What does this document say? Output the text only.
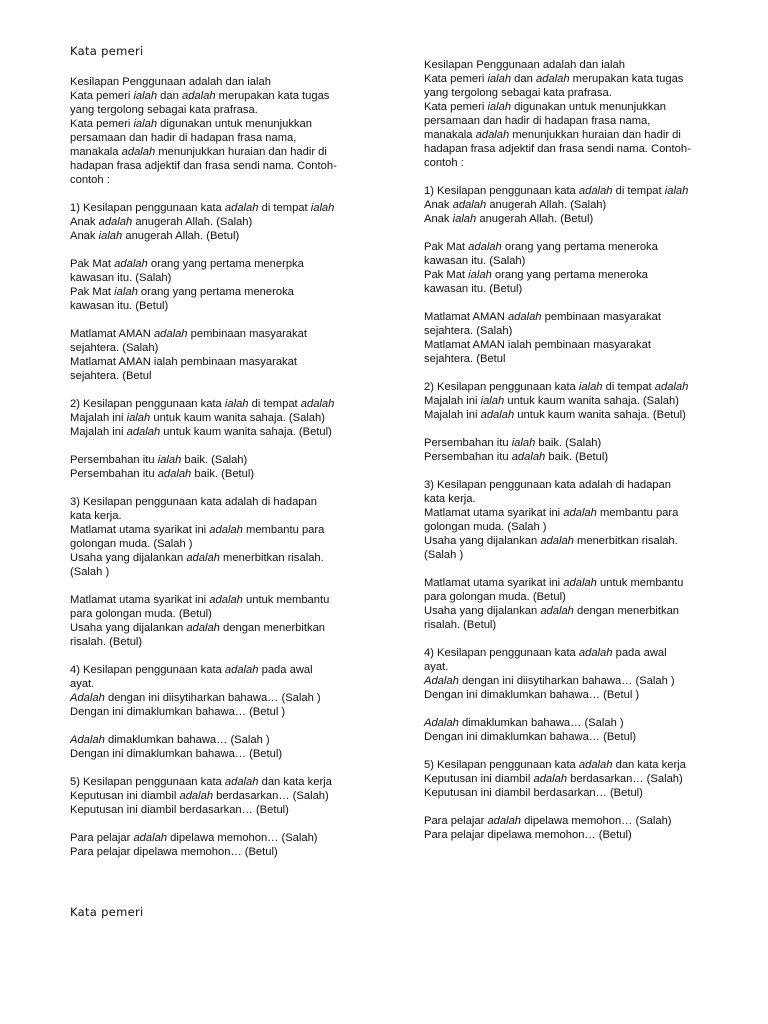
Kata pemeri
Kesilapan Penggunaan adalah dan ialah
Kata pemeri ialah dan adalah merupakan kata tugas
yang tergolong sebagai kata prafrasa.
Kata pemeri ialah digunakan untuk menunjukkan
persamaan dan hadir di hadapan frasa nama,
manakala adalah menunjukkan huraian dan hadir di
hadapan frasa adjektif dan frasa sendi nama. Contoh-
contoh :
1) Kesilapan penggunaan kata adalah di tempat ialah
Anak adalah anugerah Allah. (Salah)
Anak ialah anugerah Allah. (Betul)
Pak Mat adalah orang yang pertama menerpka
kawasan itu. (Salah)
Pak Mat ialah orang yang pertama meneroka
kawasan itu. (Betul)
Matlamat AMAN adalah pembinaan masyarakat
sejahtera. (Salah)
Matlamat AMAN ialah pembinaan masyarakat
sejahtera. (Betul
2) Kesilapan penggunaan kata ialah di tempat adalah
Majalah ini ialah untuk kaum wanita sahaja. (Salah)
Majalah ini adalah untuk kaum wanita sahaja. (Betul)
Persembahan itu ialah baik. (Salah)
Persembahan itu adalah baik. (Betul)
3) Kesilapan penggunaan kata adalah di hadapan
kata kerja.
Matlamat utama syarikat ini adalah membantu para
golongan muda. (Salah )
Usaha yang dijalankan adalah menerbitkan risalah.
(Salah )
Matlamat utama syarikat ini adalah untuk membantu
para golongan muda. (Betul)
Usaha yang dijalankan adalah dengan menerbitkan
risalah. (Betul)
4) Kesilapan penggunaan kata adalah pada awal
ayat.
Adalah dengan ini diisytiharkan bahawa… (Salah )
Dengan ini dimaklumkan bahawa… (Betul )
Adalah dimaklumkan bahawa… (Salah )
Dengan ini dimaklumkan bahawa… (Betul)
5) Kesilapan penggunaan kata adalah dan kata kerja
Keputusan ini diambil adalah berdasarkan… (Salah)
Keputusan ini diambil berdasarkan… (Betul)
Para pelajar adalah dipelawa memohon… (Salah)
Para pelajar dipelawa memohon… (Betul)
Kesilapan Penggunaan adalah dan ialah
Kata pemeri ialah dan adalah merupakan kata tugas
yang tergolong sebagai kata prafrasa.
Kata pemeri ialah digunakan untuk menunjukkan
persamaan dan hadir di hadapan frasa nama,
manakala adalah menunjukkan huraian dan hadir di
hadapan frasa adjektif dan frasa sendi nama. Contoh-
contoh :
1) Kesilapan penggunaan kata adalah di tempat ialah
Anak adalah anugerah Allah. (Salah)
Anak ialah anugerah Allah. (Betul)
Pak Mat adalah orang yang pertama meneroka
kawasan itu. (Salah)
Pak Mat ialah orang yang pertama meneroka
kawasan itu. (Betul)
Matlamat AMAN adalah pembinaan masyarakat
sejahtera. (Salah)
Matlamat AMAN ialah pembinaan masyarakat
sejahtera. (Betul
2) Kesilapan penggunaan kata ialah di tempat adalah
Majalah ini ialah untuk kaum wanita sahaja. (Salah)
Majalah ini adalah untuk kaum wanita sahaja. (Betul)
Persembahan itu ialah baik. (Salah)
Persembahan itu adalah baik. (Betul)
3) Kesilapan penggunaan kata adalah di hadapan
kata kerja.
Matlamat utama syarikat ini adalah membantu para
golongan muda. (Salah )
Usaha yang dijalankan adalah menerbitkan risalah.
(Salah )
Matlamat utama syarikat ini adalah untuk membantu
para golongan muda. (Betul)
Usaha yang dijalankan adalah dengan menerbitkan
risalah. (Betul)
4) Kesilapan penggunaan kata adalah pada awal
ayat.
Adalah dengan ini diisytiharkan bahawa… (Salah )
Dengan ini dimaklumkan bahawa… (Betul )
Adalah dimaklumkan bahawa… (Salah )
Dengan ini dimaklumkan bahawa… (Betul)
5) Kesilapan penggunaan kata adalah dan kata kerja
Keputusan ini diambil adalah berdasarkan… (Salah)
Keputusan ini diambil berdasarkan… (Betul)
Para pelajar adalah dipelawa memohon… (Salah)
Para pelajar dipelawa memohon… (Betul)
Kata pemeri
